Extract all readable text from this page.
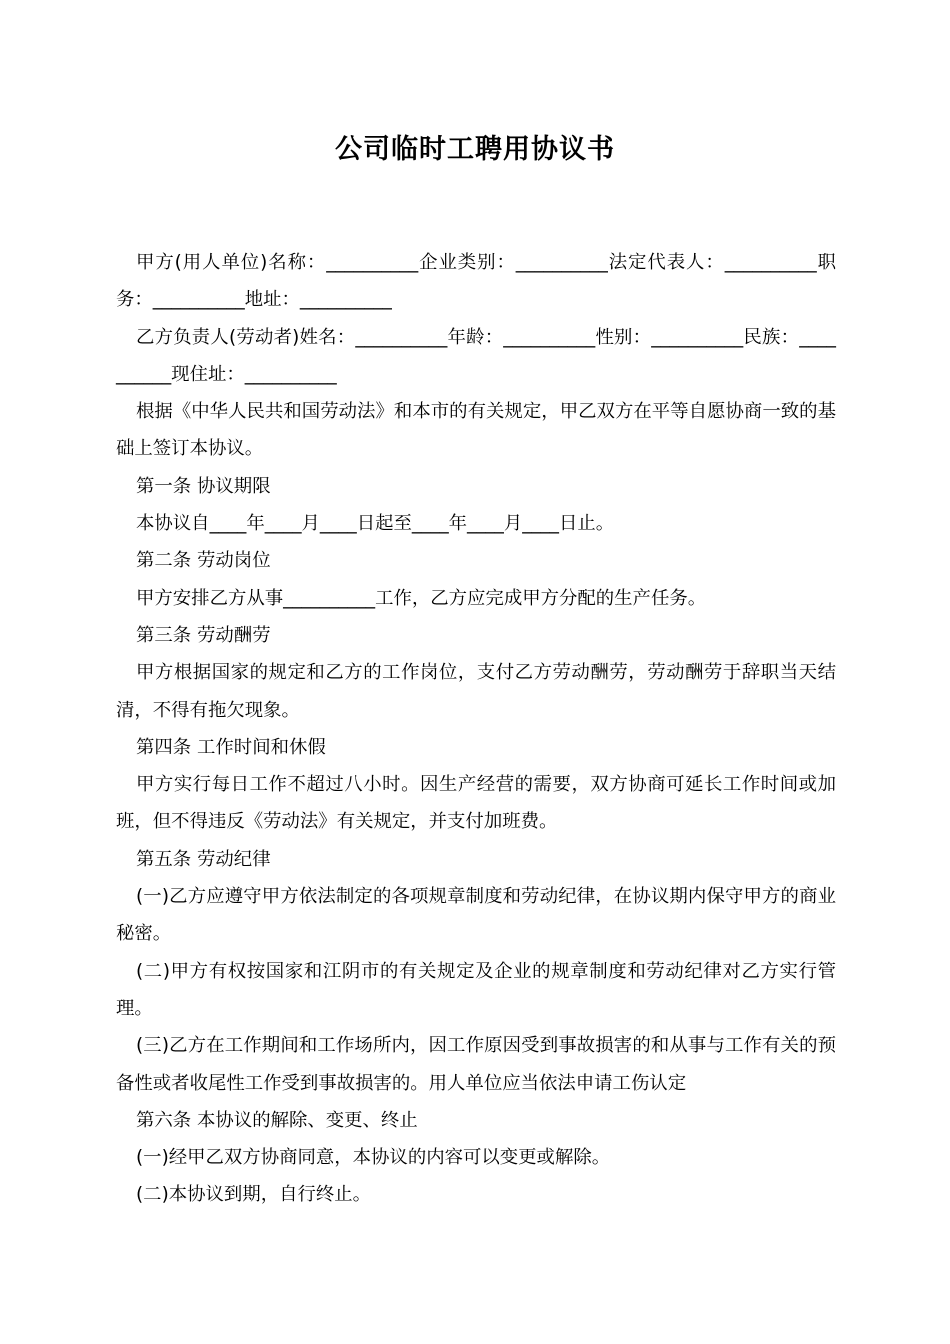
公司临时工聘用协议书

甲方(用人单位)名称：__________企业类别：__________法定代表人：__________职务：__________地址：__________

乙方负责人(劳动者)姓名：__________年龄：__________性别：__________民族：__________现住址：__________

根据《中华人民共和国劳动法》和本市的有关规定，甲乙双方在平等自愿协商一致的基础上签订本协议。

第一条 协议期限

本协议自____年____月____日起至____年____月____日止。

第二条 劳动岗位

甲方安排乙方从事__________工作，乙方应完成甲方分配的生产任务。

第三条 劳动酬劳

甲方根据国家的规定和乙方的工作岗位，支付乙方劳动酬劳，劳动酬劳于辞职当天结清，不得有拖欠现象。

第四条 工作时间和休假

甲方实行每日工作不超过八小时。因生产经营的需要，双方协商可延长工作时间或加班，但不得违反《劳动法》有关规定，并支付加班费。

第五条 劳动纪律

(一)乙方应遵守甲方依法制定的各项规章制度和劳动纪律，在协议期内保守甲方的商业秘密。

(二)甲方有权按国家和江阴市的有关规定及企业的规章制度和劳动纪律对乙方实行管理。

(三)乙方在工作期间和工作场所内，因工作原因受到事故损害的和从事与工作有关的预备性或者收尾性工作受到事故损害的。用人单位应当依法申请工伤认定

第六条 本协议的解除、变更、终止

(一)经甲乙双方协商同意，本协议的内容可以变更或解除。

(二)本协议到期，自行终止。
